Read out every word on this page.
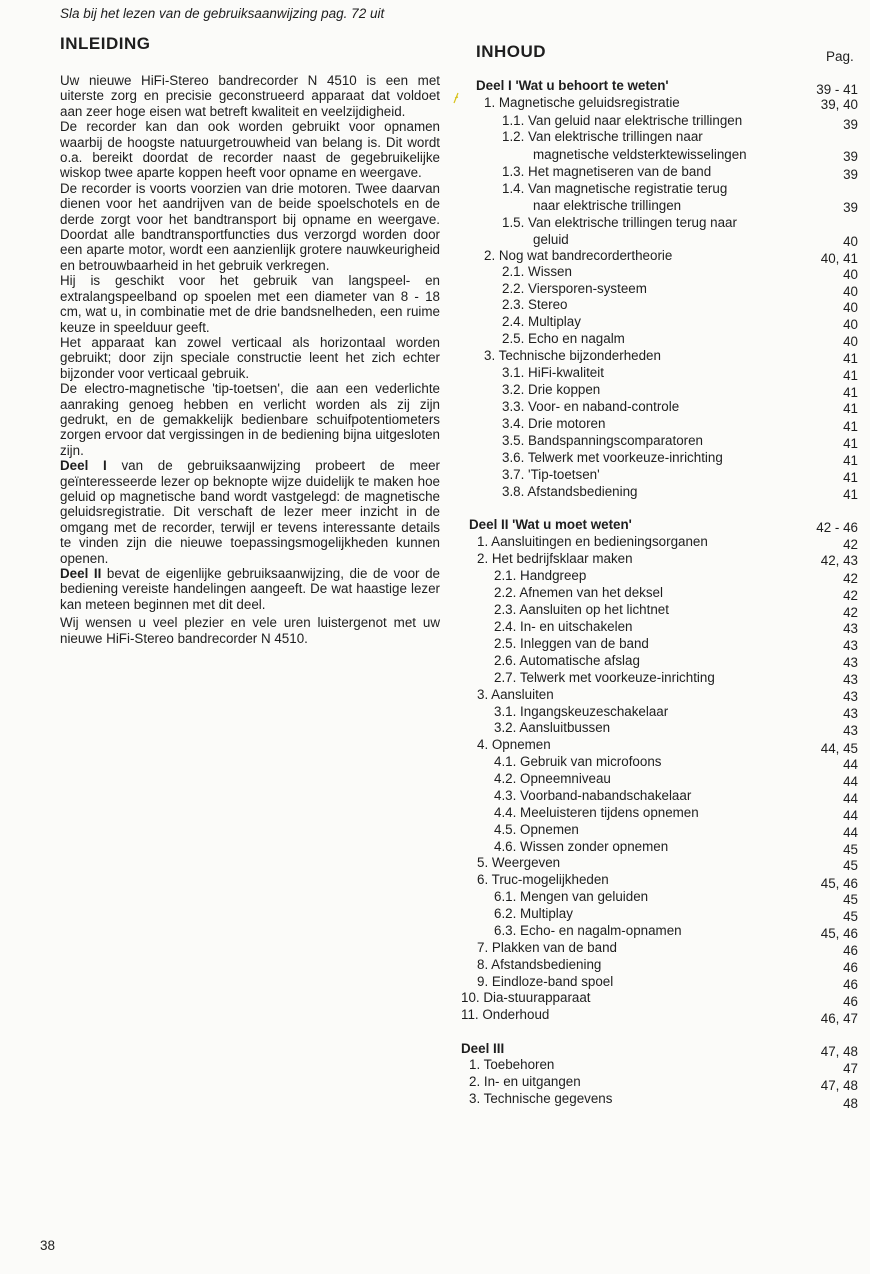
Sla bij het lezen van de gebruiksaanwijzing pag. 72 uit
INLEIDING

Uw nieuwe HiFi-Stereo bandrecorder N 4510 is een met uiterste zorg en precisie geconstrueerd apparaat dat voldoet aan zeer hoge eisen wat betreft kwaliteit en veelzijdigheid.

De recorder kan dan ook worden gebruikt voor opnamen waarbij de hoogste natuurgetrouwheid van belang is. Dit wordt o.a. bereikt doordat de recorder naast de gegebruikelijke wiskop twee aparte koppen heeft voor opname en weergave.

De recorder is voorts voorzien van drie motoren. Twee daarvan dienen voor het aandrijven van de beide spoelschotels en de derde zorgt voor het bandtransport bij opname en weergave. Doordat alle bandtransportfuncties dus verzorgd worden door een aparte motor, wordt een aanzienlijk grotere nauwkeurigheid en betrouwbaarheid in het gebruik verkregen.

Hij is geschikt voor het gebruik van langspeel- en extralangspeelband op spoelen met een diameter van 8 - 18 cm, wat u, in combinatie met de drie bandsnelheden, een ruime keuze in speelduur geeft.

Het apparaat kan zowel verticaal als horizontaal worden gebruikt; door zijn speciale constructie leent het zich echter bijzonder voor verticaal gebruik.

De electro-magnetische 'tip-toetsen', die aan een vederlichte aanraking genoeg hebben en verlicht worden als zij zijn gedrukt, en de gemakkelijk bedienbare schuifpotentiometers zorgen ervoor dat vergissingen in de bediening bijna uitgesloten zijn.

Deel I van de gebruiksaanwijzing probeert de meer geïnteresseerde lezer op beknopte wijze duidelijk te maken hoe geluid op magnetische band wordt vastgelegd: de magnetische geluidsregistratie. Dit verschaft de lezer meer inzicht in de omgang met de recorder, terwijl er tevens interessante details te vinden zijn die nieuwe toepassingsmogelijkheden kunnen openen.

Deel II bevat de eigenlijke gebruiksaanwijzing, die de voor de bediening vereiste handelingen aangeeft. De wat haastige lezer kan meteen beginnen met dit deel.

Wij wensen u veel plezier en vele uren luistergenot met uw nieuwe HiFi-Stereo bandrecorder N 4510.

INHOUD	Pag.
Deel I 'Wat u behoort te weten'	39 - 41
1. Magnetische geluidsregistratie	39, 40
1.1. Van geluid naar elektrische trillingen	39
1.2. Van elektrische trillingen naar
magnetische veldsterktewisselingen	39
1.3. Het magnetiseren van de band	39
1.4. Van magnetische registratie terug
naar elektrische trillingen	39
1.5. Van elektrische trillingen terug naar
geluid	40
2. Nog wat bandrecordertheorie	40, 41
2.1. Wissen	40
2.2. Viersporen-systeem	40
2.3. Stereo	40
2.4. Multiplay	40
2.5. Echo en nagalm	40
3. Technische bijzonderheden	41
3.1. HiFi-kwaliteit	41
3.2. Drie koppen	41
3.3. Voor- en naband-controle	41
3.4. Drie motoren	41
3.5. Bandspanningscomparatoren	41
3.6. Telwerk met voorkeuze-inrichting	41
3.7. 'Tip-toetsen'	41
3.8. Afstandsbediening	41
Deel II 'Wat u moet weten'	42 - 46
1. Aansluitingen en bedieningsorganen	42
2. Het bedrijfsklaar maken	42, 43
2.1. Handgreep	42
2.2. Afnemen van het deksel	42
2.3. Aansluiten op het lichtnet	42
2.4. In- en uitschakelen	43
2.5. Inleggen van de band	43
2.6. Automatische afslag	43
2.7. Telwerk met voorkeuze-inrichting	43
3. Aansluiten	43
3.1. Ingangskeuzeschakelaar	43
3.2. Aansluitbussen	43
4. Opnemen	44, 45
4.1. Gebruik van microfoons	44
4.2. Opneemniveau	44
4.3. Voorband-nabandschakelaar	44
4.4. Meeluisteren tijdens opnemen	44
4.5. Opnemen	44
4.6. Wissen zonder opnemen	45
5. Weergeven	45
6. Truc-mogelijkheden	45, 46
6.1. Mengen van geluiden	45
6.2. Multiplay	45
6.3. Echo- en nagalm-opnamen	45, 46
7. Plakken van de band	46
8. Afstandsbediening	46
9. Eindloze-band spoel	46
10. Dia-stuurapparaat	46
11. Onderhoud	46, 47
Deel III	47, 48
1. Toebehoren	47
2. In- en uitgangen	47, 48
3. Technische gegevens	48
38
